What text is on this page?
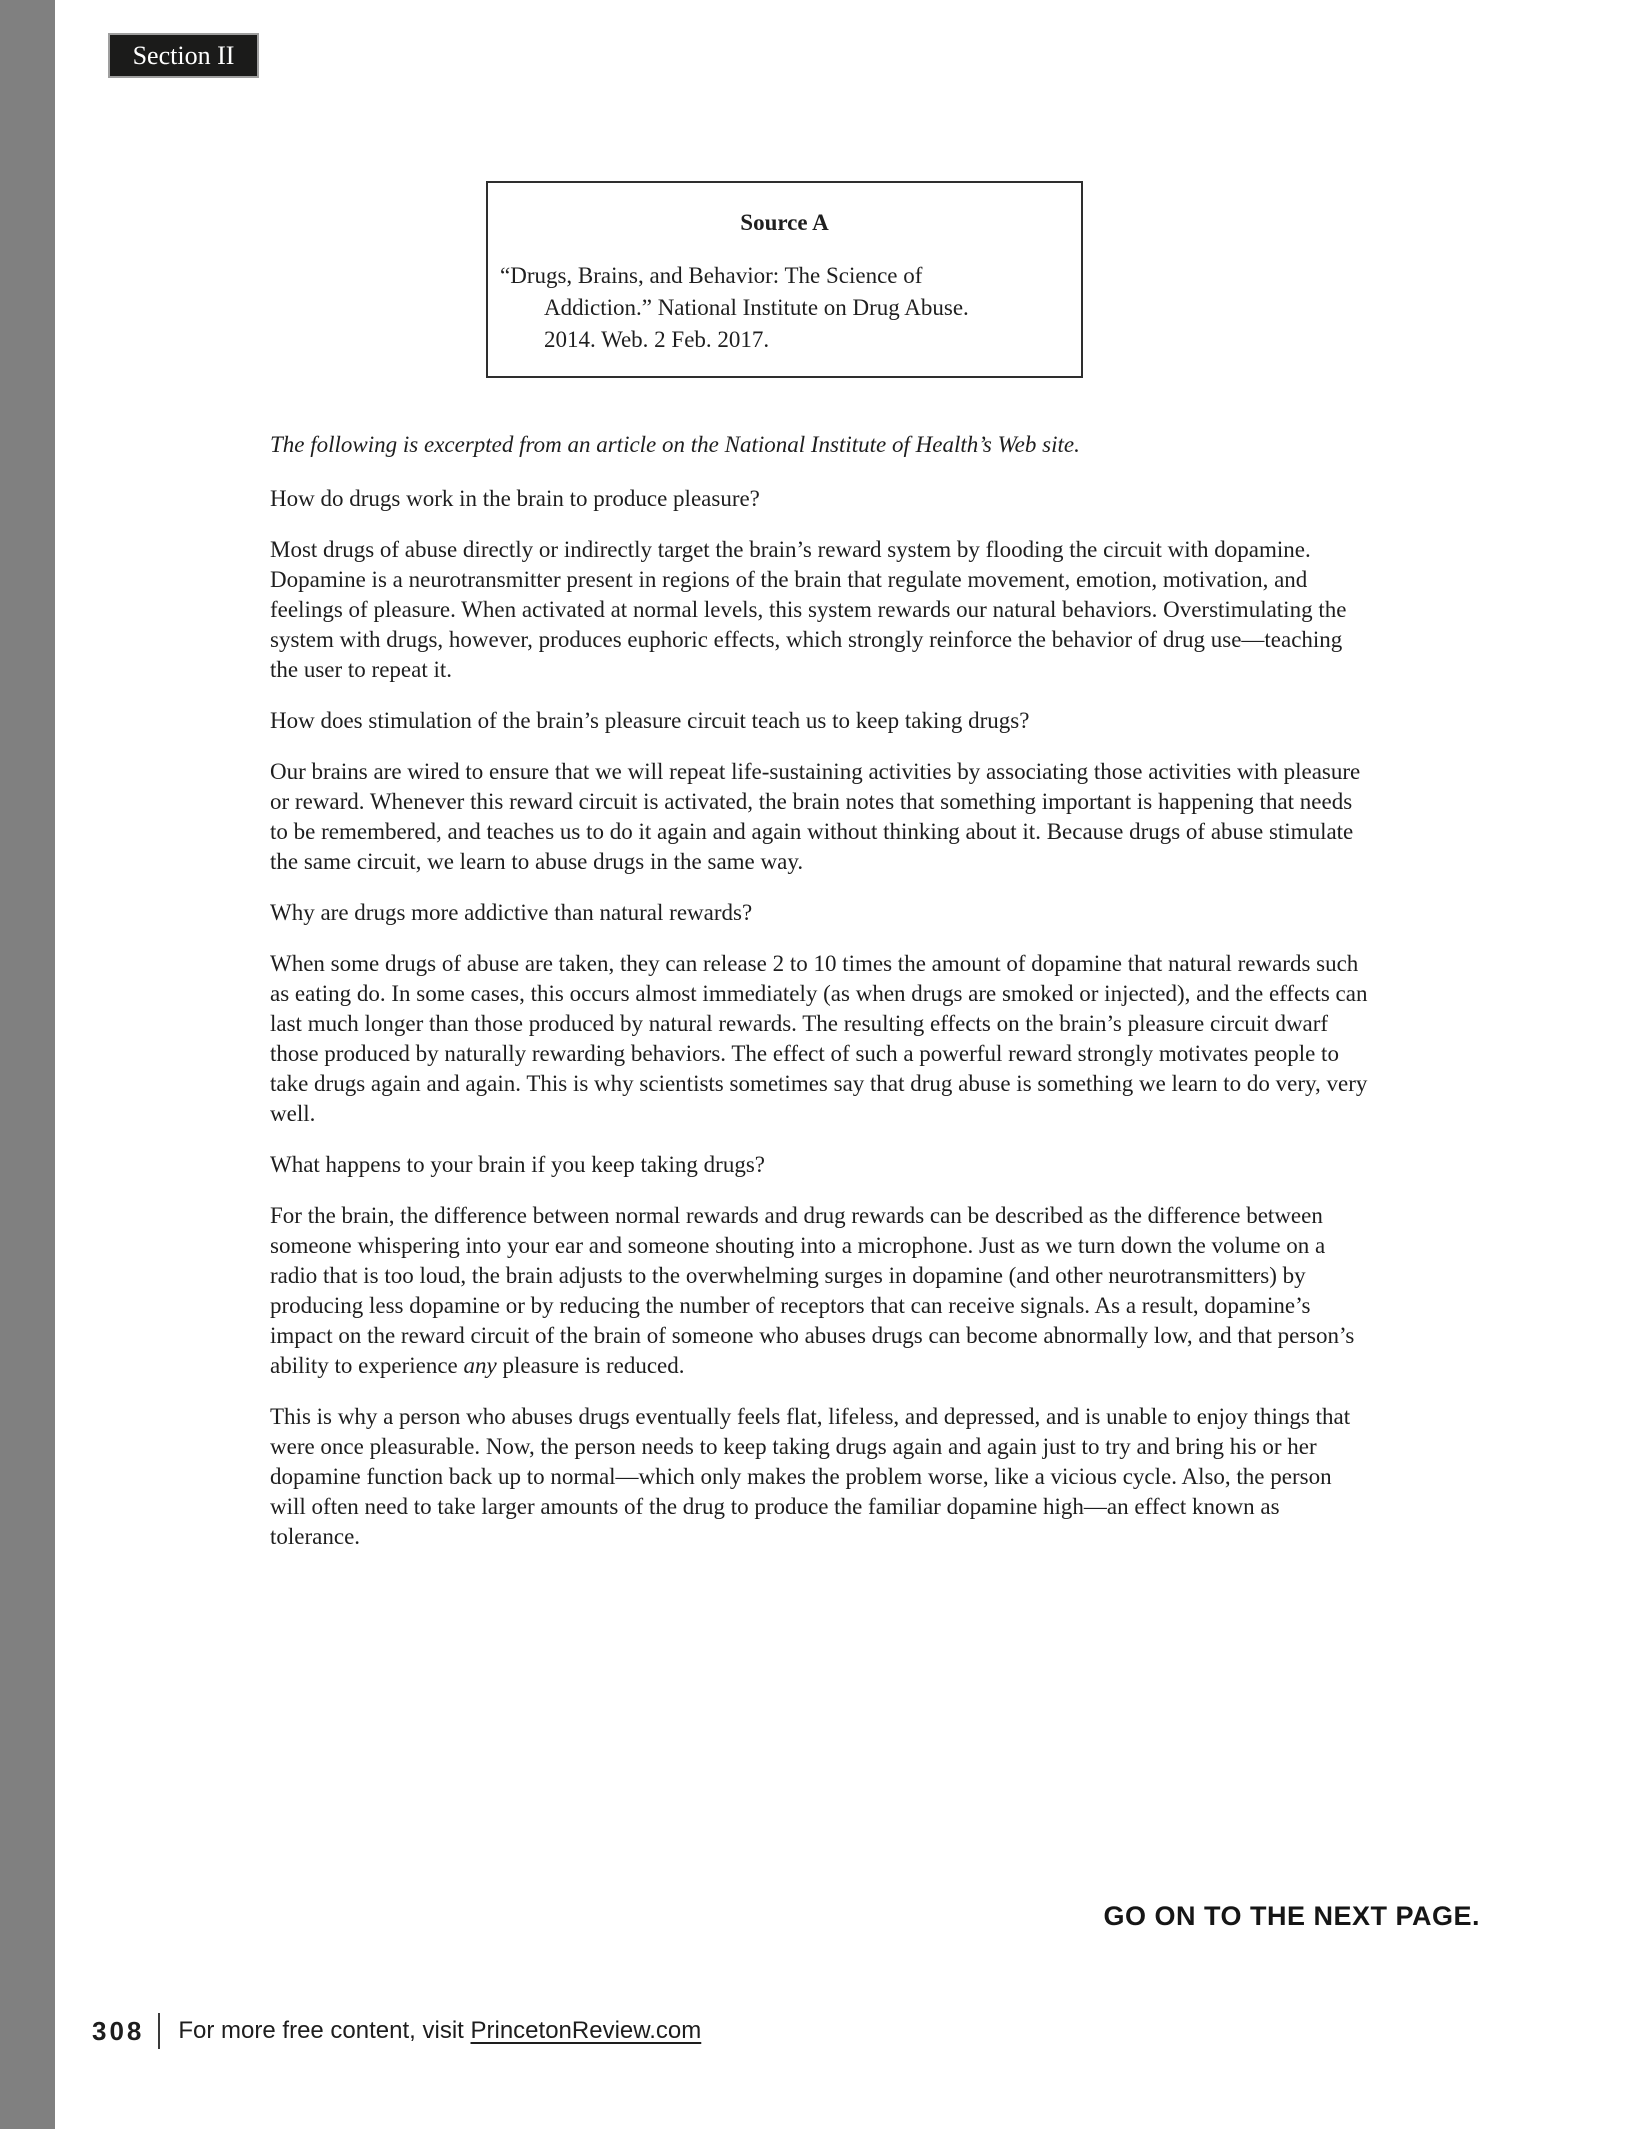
Section II
Source A
“Drugs, Brains, and Behavior: The Science of
Addiction.” National Institute on Drug Abuse.
2014. Web. 2 Feb. 2017.

The following is excerpted from an article on the National Institute of Health’s Web site.

How do drugs work in the brain to produce pleasure?

Most drugs of abuse directly or indirectly target the brain’s reward system by flooding the circuit with dopamine. Dopamine is a neurotransmitter present in regions of the brain that regulate movement, emotion, motivation, and feelings of pleasure. When activated at normal levels, this system rewards our natural behaviors. Overstimulating the system with drugs, however, produces euphoric effects, which strongly reinforce the behavior of drug use—teaching the user to repeat it.

How does stimulation of the brain’s pleasure circuit teach us to keep taking drugs?

Our brains are wired to ensure that we will repeat life-sustaining activities by associating those activities with pleasure or reward. Whenever this reward circuit is activated, the brain notes that something important is happening that needs to be remembered, and teaches us to do it again and again without thinking about it. Because drugs of abuse stimulate the same circuit, we learn to abuse drugs in the same way.

Why are drugs more addictive than natural rewards?

When some drugs of abuse are taken, they can release 2 to 10 times the amount of dopamine that natural rewards such as eating do. In some cases, this occurs almost immediately (as when drugs are smoked or injected), and the effects can last much longer than those produced by natural rewards. The resulting effects on the brain’s pleasure circuit dwarf those produced by naturally rewarding behaviors. The effect of such a powerful reward strongly motivates people to take drugs again and again. This is why scientists sometimes say that drug abuse is something we learn to do very, very well.

What happens to your brain if you keep taking drugs?

For the brain, the difference between normal rewards and drug rewards can be described as the difference between someone whispering into your ear and someone shouting into a microphone. Just as we turn down the volume on a radio that is too loud, the brain adjusts to the overwhelming surges in dopamine (and other neurotransmitters) by producing less dopamine or by reducing the number of receptors that can receive signals. As a result, dopamine’s impact on the reward circuit of the brain of someone who abuses drugs can become abnormally low, and that person’s ability to experience any pleasure is reduced.

This is why a person who abuses drugs eventually feels flat, lifeless, and depressed, and is unable to enjoy things that were once pleasurable. Now, the person needs to keep taking drugs again and again just to try and bring his or her dopamine function back up to normal—which only makes the problem worse, like a vicious cycle. Also, the person will often need to take larger amounts of the drug to produce the familiar dopamine high—an effect known as tolerance.

GO ON TO THE NEXT PAGE.
308 For more free content, visit PrincetonReview.com
